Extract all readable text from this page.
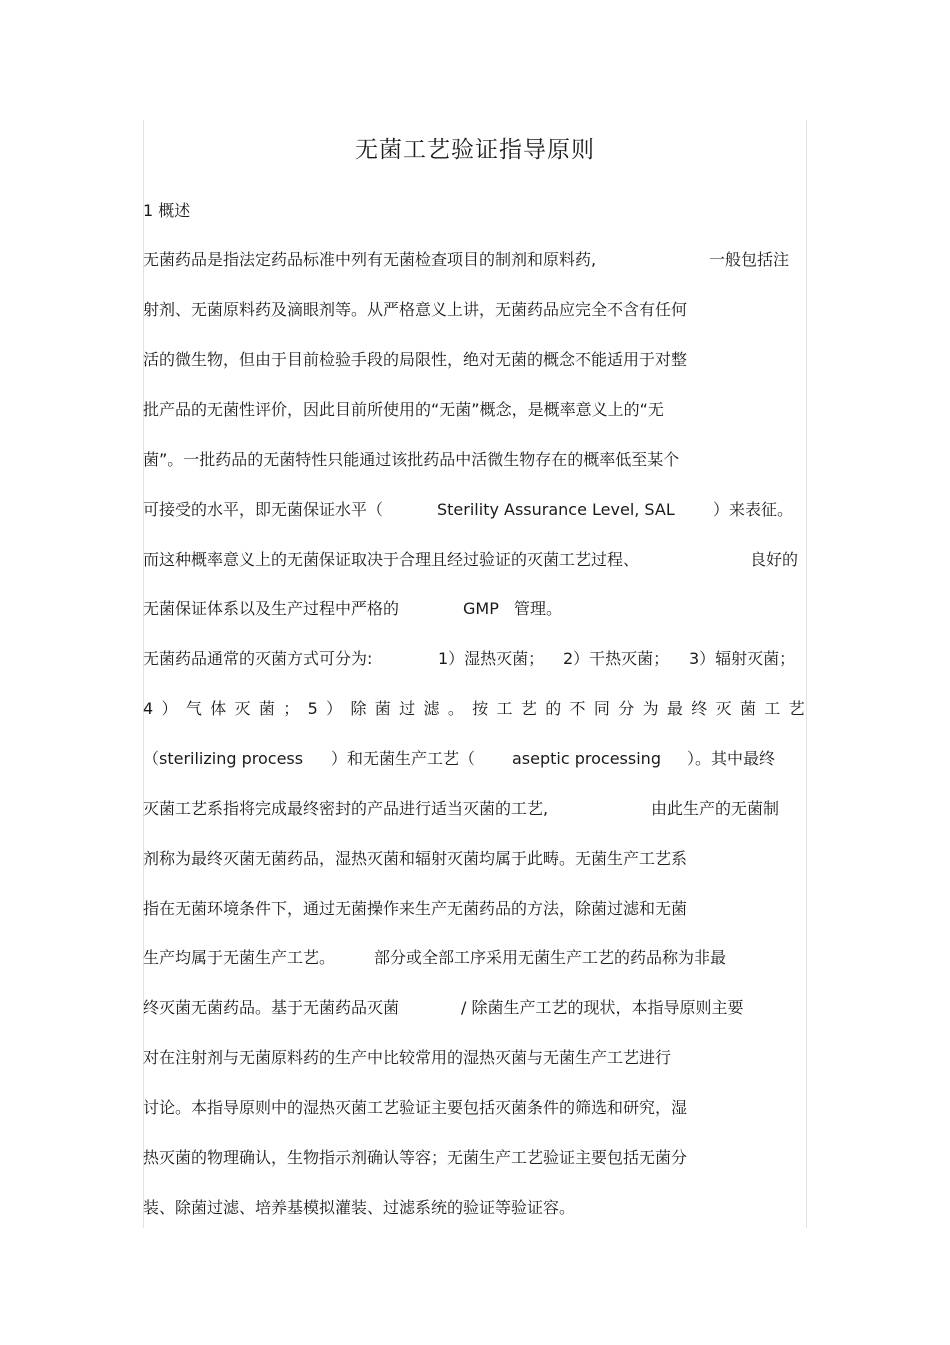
无菌工艺验证指导原则
1 概述
无菌药品是指法定药品标准中列有无菌检查项目的制剂和原料药,	一般包括注
射剂、无菌原料药及滴眼剂等。从严格意义上讲，无菌药品应完全不含有任何
活的微生物，但由于目前检验手段的局限性，绝对无菌的概念不能适用于对整
批产品的无菌性评价，因此目前所使用的“无菌”概念，是概率意义上的“无
菌”。一批药品的无菌特性只能通过该批药品中活微生物存在的概率低至某个
可接受的水平，即无菌保证水平（	Sterility Assurance Level, SAL ）来表征。
而这种概率意义上的无菌保证取决于合理且经过验证的灭菌工艺过程、	良好的
无菌保证体系以及生产过程中严格的	GMP 管理。
无菌药品通常的灭菌方式可分为:	1）湿热灭菌； 2）干热灭菌； 3）辐射灭菌；
4 ） 气 体 灭 菌 ； 5 ） 除 菌 过 滤 。 按 工 艺 的 不 同 分 为 最 终 灭 菌 工 艺
（sterilizing process ）和无菌生产工艺（ aseptic processing ）。其中最终
灭菌工艺系指将完成最终密封的产品进行适当灭菌的工艺,	由此生产的无菌制
剂称为最终灭菌无菌药品，湿热灭菌和辐射灭菌均属于此畴。无菌生产工艺系
指在无菌环境条件下，通过无菌操作来生产无菌药品的方法，除菌过滤和无菌
生产均属于无菌生产工艺。 部分或全部工序采用无菌生产工艺的药品称为非最
终灭菌无菌药品。基于无菌药品灭菌	/ 除菌生产工艺的现状，本指导原则主要
对在注射剂与无菌原料药的生产中比较常用的湿热灭菌与无菌生产工艺进行
讨论。本指导原则中的湿热灭菌工艺验证主要包括灭菌条件的筛选和研究，湿
热灭菌的物理确认，生物指示剂确认等容；无菌生产工艺验证主要包括无菌分
装、除菌过滤、培养基模拟灌装、过滤系统的验证等验证容。
